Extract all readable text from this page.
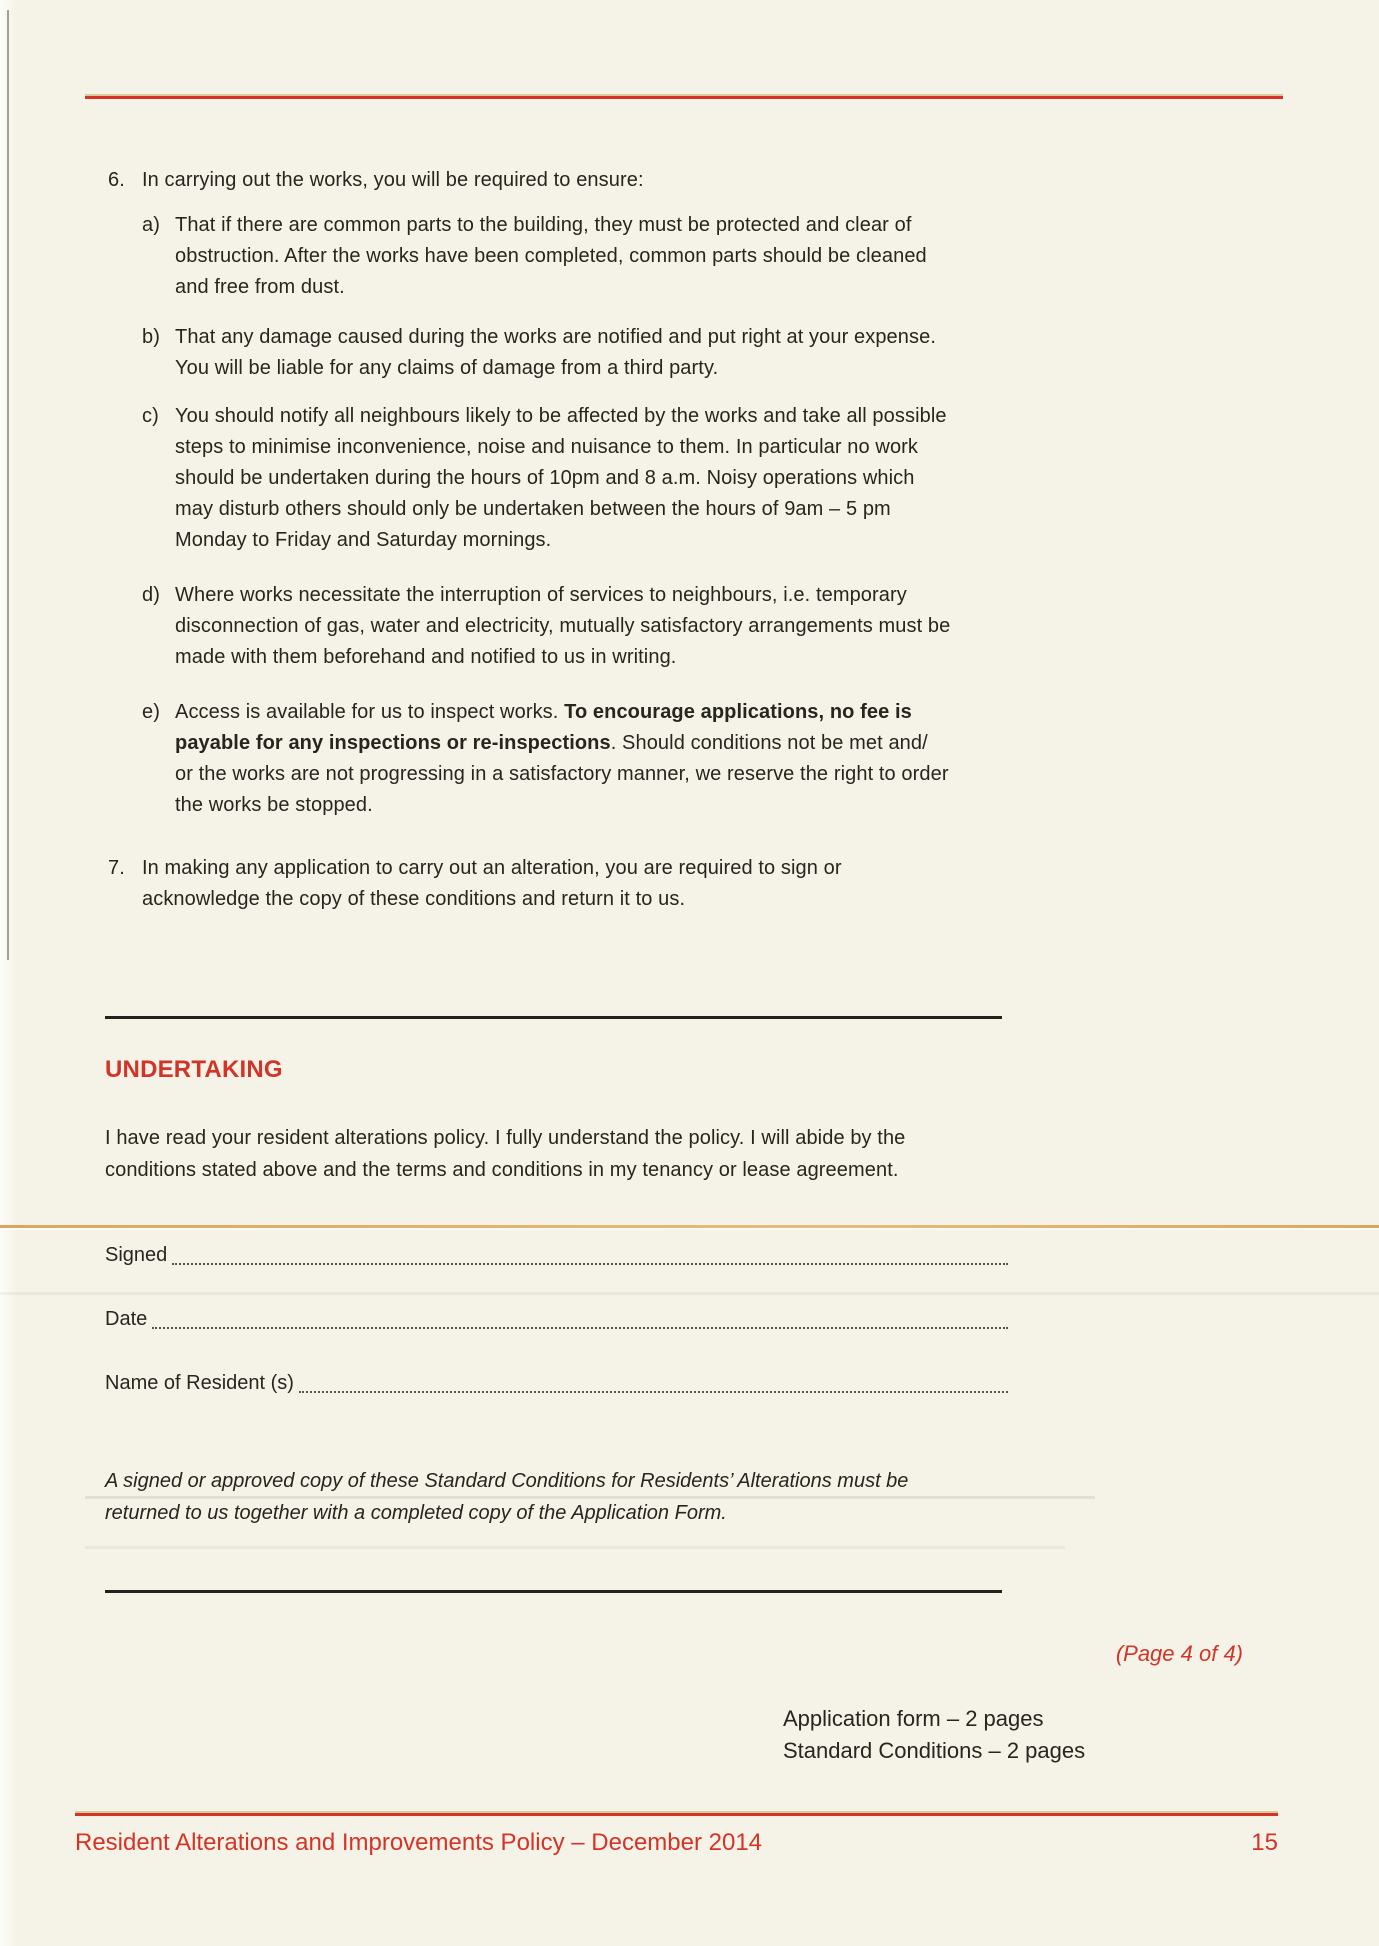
6. In carrying out the works, you will be required to ensure:
a) That if there are common parts to the building, they must be protected and clear of
obstruction. After the works have been completed, common parts should be cleaned
and free from dust.
b) That any damage caused during the works are notified and put right at your expense.
You will be liable for any claims of damage from a third party.
c) You should notify all neighbours likely to be affected by the works and take all possible
steps to minimise inconvenience, noise and nuisance to them. In particular no work
should be undertaken during the hours of 10pm and 8 a.m. Noisy operations which
may disturb others should only be undertaken between the hours of 9am – 5 pm
Monday to Friday and Saturday mornings.
d) Where works necessitate the interruption of services to neighbours, i.e. temporary
disconnection of gas, water and electricity, mutually satisfactory arrangements must be
made with them beforehand and notified to us in writing.
e) Access is available for us to inspect works. To encourage applications, no fee is
payable for any inspections or re-inspections. Should conditions not be met and/
or the works are not progressing in a satisfactory manner, we reserve the right to order
the works be stopped.
7. In making any application to carry out an alteration, you are required to sign or
acknowledge the copy of these conditions and return it to us.
UNDERTAKING
I have read your resident alterations policy. I fully understand the policy. I will abide by the
conditions stated above and the terms and conditions in my tenancy or lease agreement.
Signed
Date
Name of Resident (s)
A signed or approved copy of these Standard Conditions for Residents’ Alterations must be
returned to us together with a completed copy of the Application Form.
(Page 4 of 4)
Application form – 2 pages
Standard Conditions – 2 pages
Resident Alterations and Improvements Policy – December 2014	15
